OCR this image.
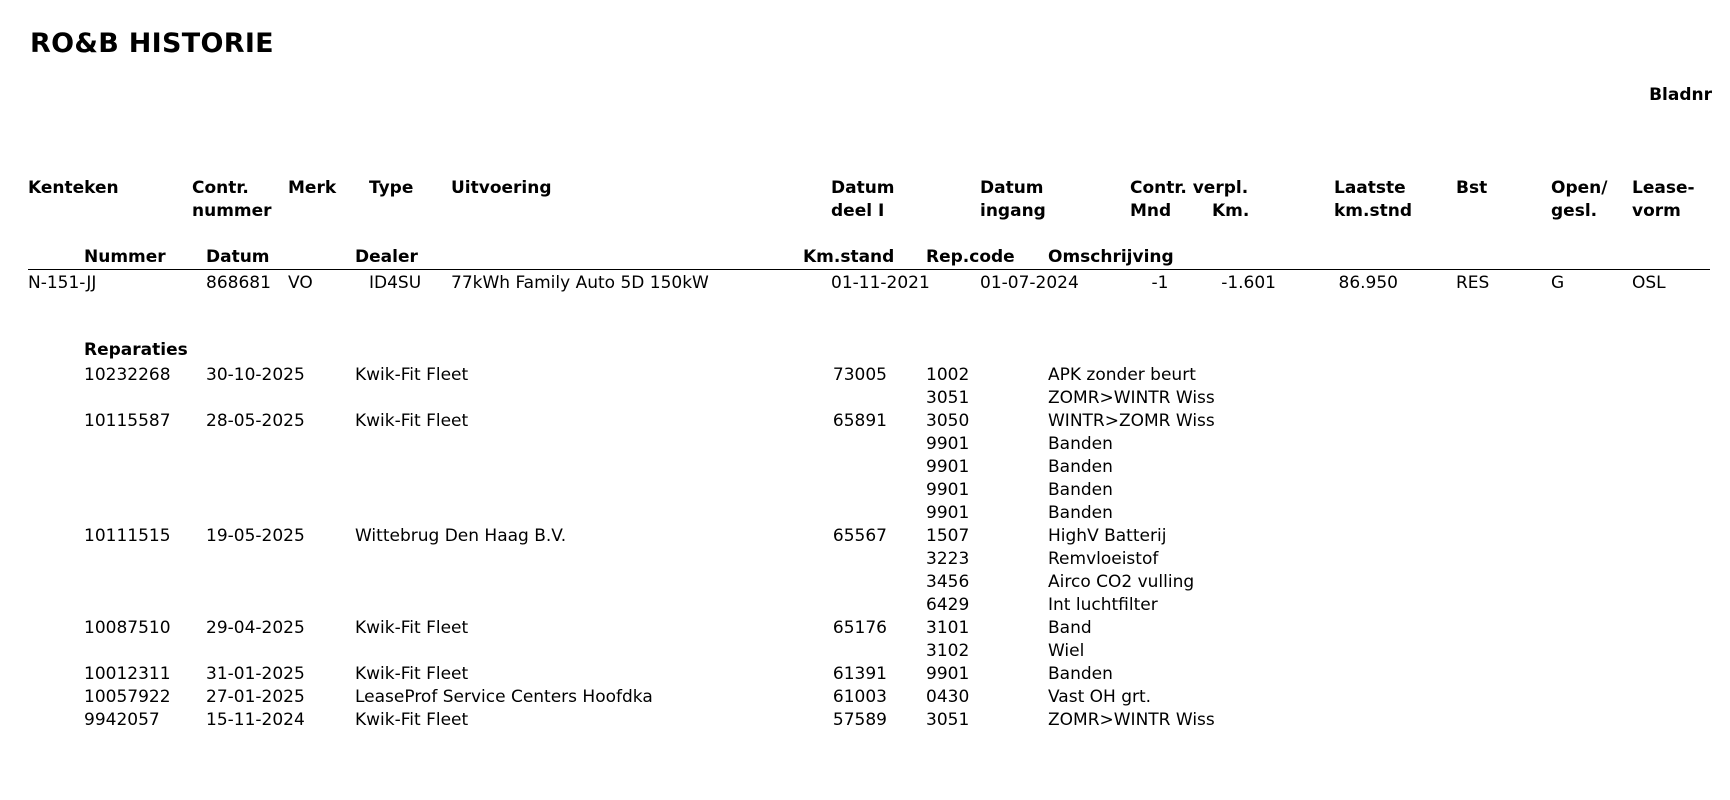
RO&B HISTORIE
Bladnr
Kenteken	Contr.
nummer
Merk Type Uitvoering	Datum
deel I
Datum
ingang
Contr. verpl.
Mnd Km.
Laatste
km.stnd
Bst	Open/
gesl.
Lease-
vorm
Nummer Datum	Dealer	Km.stand Rep.code Omschrijving
N-151-JJ	868681 VO	ID4SU 77kWh Family Auto 5D 150kW	01-11-2021	01-07-2024	-1	-1.601	86.950	RES	G	OSL
Reparaties
10232268 30-10-2025	Kwik-Fit Fleet	73005 1002	APK zonder beurt
3051	ZOMR>WINTR Wiss
10115587 28-05-2025	Kwik-Fit Fleet	65891 3050	WINTR>ZOMR Wiss
9901	Banden
9901	Banden
9901	Banden
9901	Banden
10111515 19-05-2025	Wittebrug Den Haag B.V.	65567 1507	HighV Batterij
3223	Remvloeistof
3456	Airco CO2 vulling
6429	Int luchtfilter
10087510 29-04-2025	Kwik-Fit Fleet	65176 3101	Band
3102	Wiel
10012311 31-01-2025	Kwik-Fit Fleet	61391 9901	Banden
10057922 27-01-2025	LeaseProf Service Centers Hoofdka	61003 0430	Vast OH grt.
9942057	15-11-2024	Kwik-Fit Fleet	57589 3051	ZOMR>WINTR Wiss
